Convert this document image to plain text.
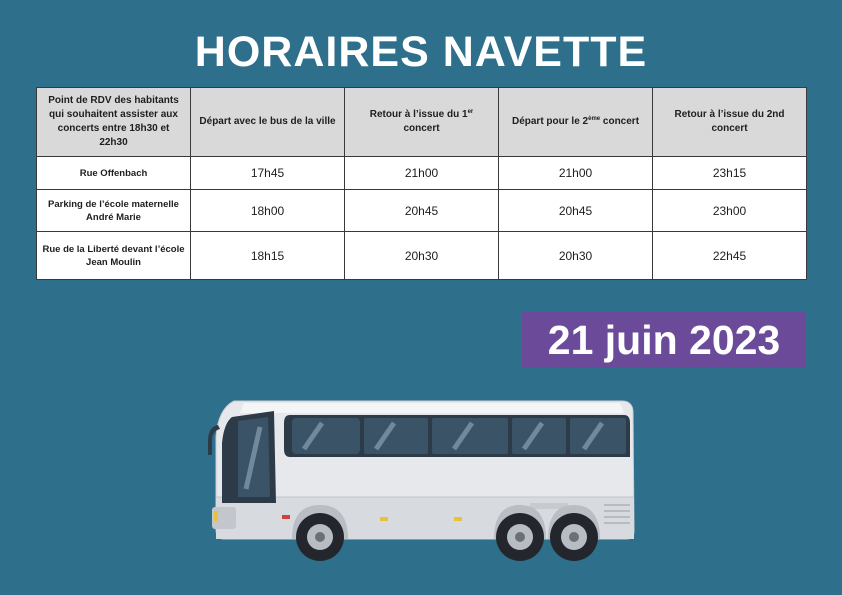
HORAIRES NAVETTE
Point de RDV des habitants qui souhaitent assister aux concerts entre 18h30 et 22h30	Départ avec le bus de la ville	Retour à l’issue du 1er concert	Départ pour le 2ème concert	Retour à l’issue du 2nd concert
Rue Offenbach	17h45	21h00	21h00	23h15
Parking de l’école maternelle André Marie	18h00	20h45	20h45	23h00
Rue de la Liberté devant l’école Jean Moulin	18h15	20h30	20h30	22h45
21 juin 2023
